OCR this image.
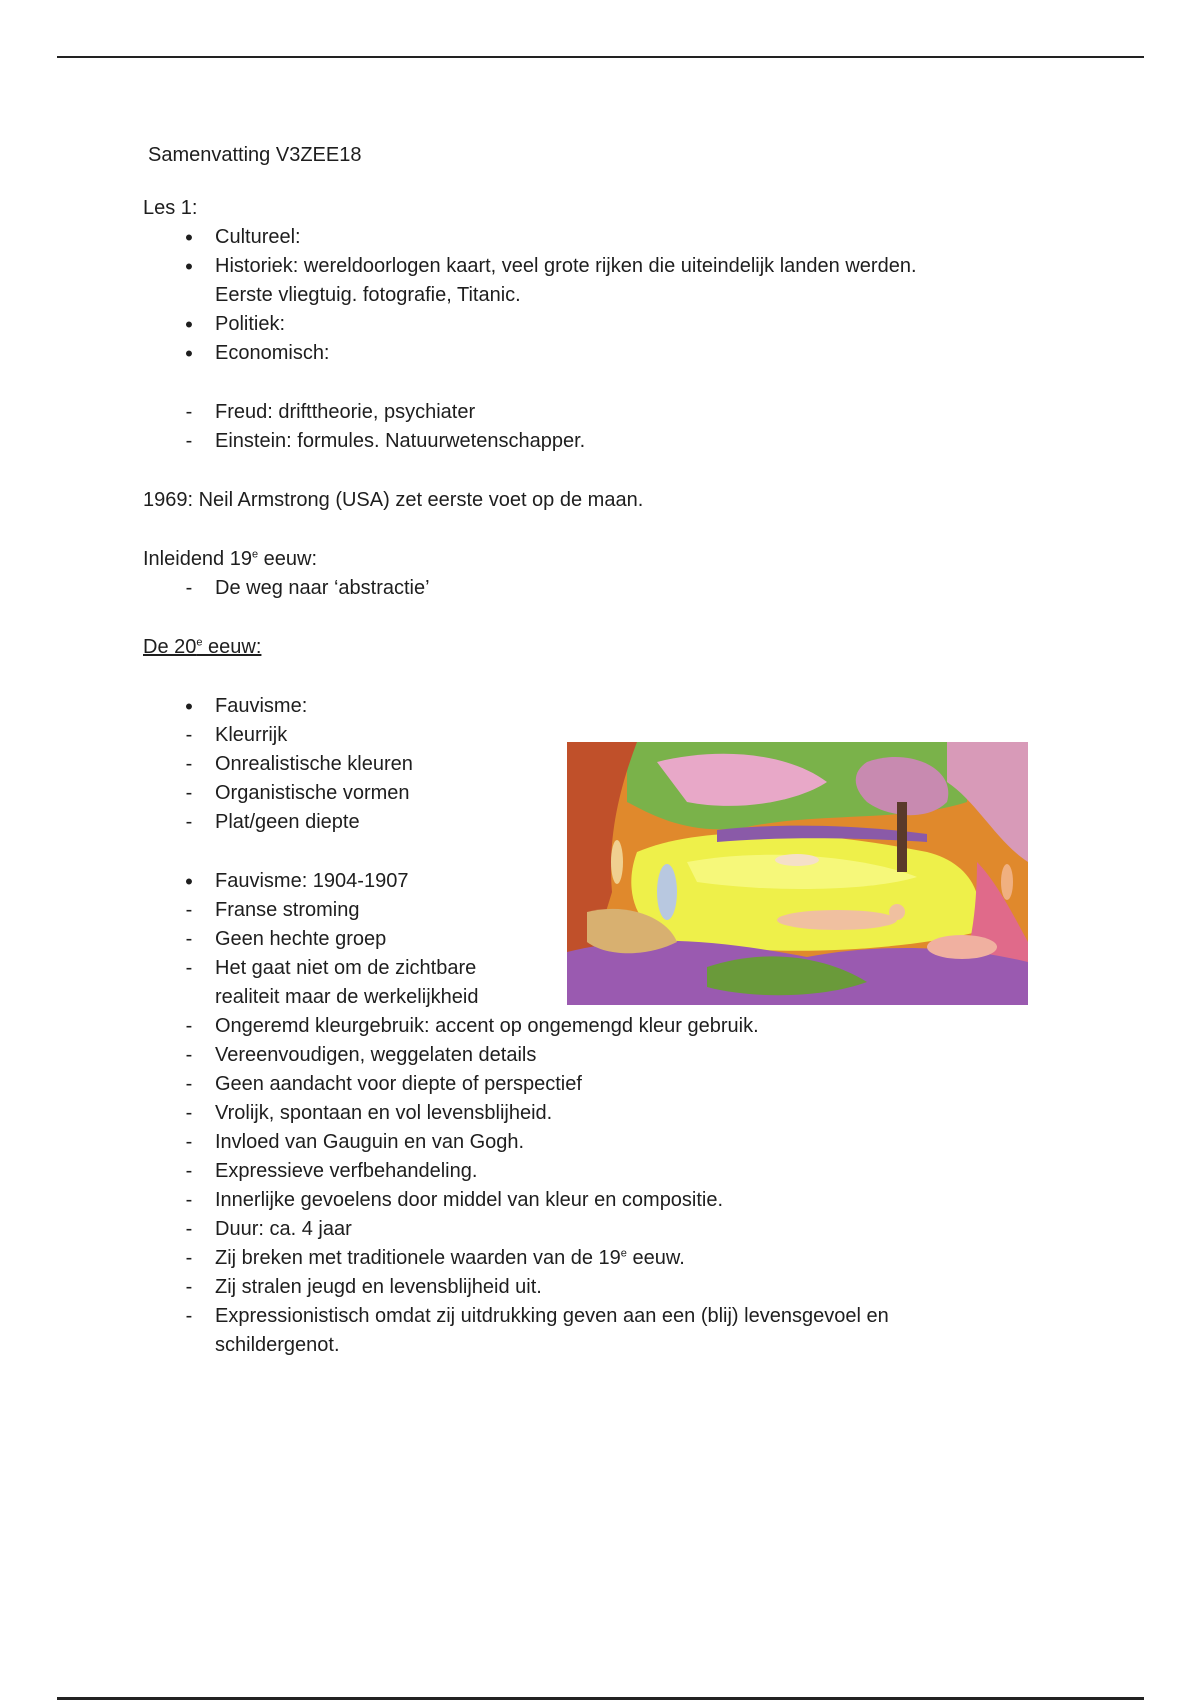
Samenvatting V3ZEE18

Les 1:

•
Cultureel:
•
Historiek: wereldoorlogen kaart, veel grote rijken die uiteindelijk landen werden.
Eerste vliegtuig. fotografie, Titanic.
•
Politiek:
•
Economisch:
-
Freud: drifttheorie, psychiater
-
Einstein: formules. Natuurwetenschapper.

1969: Neil Armstrong (USA) zet eerste voet op de maan.

Inleidend 19e eeuw:

-
De weg naar ‘abstractie’

De 20e eeuw:

•
Fauvisme:
-
Kleurrijk
-
Onrealistische kleuren
-
Organistische vormen
-
Plat/geen diepte
•
Fauvisme: 1904-1907
-
Franse stroming
-
Geen hechte groep
-
Het gaat niet om de zichtbare
realiteit maar de werkelijkheid
-
Ongeremd kleurgebruik: accent op ongemengd kleur gebruik.
-
Vereenvoudigen, weggelaten details
-
Geen aandacht voor diepte of perspectief
-
Vrolijk, spontaan en vol levensblijheid.
-
Invloed van Gauguin en van Gogh.
-
Expressieve verfbehandeling.
-
Innerlijke gevoelens door middel van kleur en compositie.
-
Duur: ca. 4 jaar
-
Zij breken met traditionele waarden van de 19e eeuw.
-
Zij stralen jeugd en levensblijheid uit.
-
Expressionistisch omdat zij uitdrukking geven aan een (blij) levensgevoel en
schildergenot.
